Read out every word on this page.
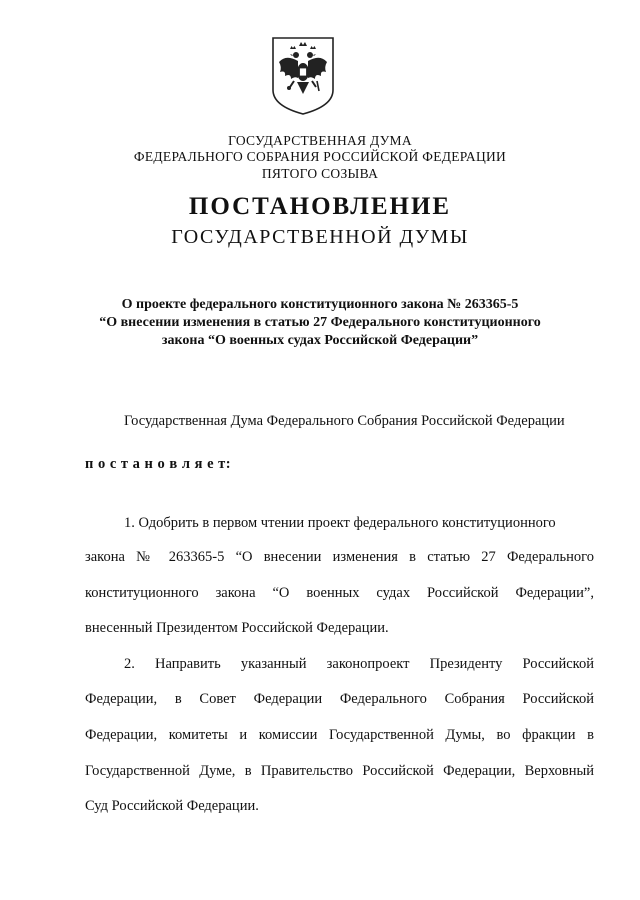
ГОСУДАРСТВЕННАЯ ДУМА
ФЕДЕРАЛЬНОГО СОБРАНИЯ РОССИЙСКОЙ ФЕДЕРАЦИИ
ПЯТОГО СОЗЫВА
ПОСТАНОВЛЕНИЕ
ГОСУДАРСТВЕННОЙ ДУМЫ
О проекте федерального конституционного закона № 263365-5
“О внесении изменения в статью 27 Федерального конституционного
закона “О военных судах Российской Федерации”
Государственная Дума Федерального Собрания Российской Федерации
п о с т а н о в л я е т:
1. Одобрить в первом чтении проект федерального конституционного
закона № 263365-5 “О внесении изменения в статью 27 Федерального
конституционного закона “О военных судах Российской Федерации”,
внесенный Президентом Российской Федерации.
2. Направить указанный законопроект Президенту Российской
Федерации, в Совет Федерации Федерального Собрания Российской
Федерации, комитеты и комиссии Государственной Думы, во фракции в
Государственной Думе, в Правительство Российской Федерации, Верховный
Суд Российской Федерации.
